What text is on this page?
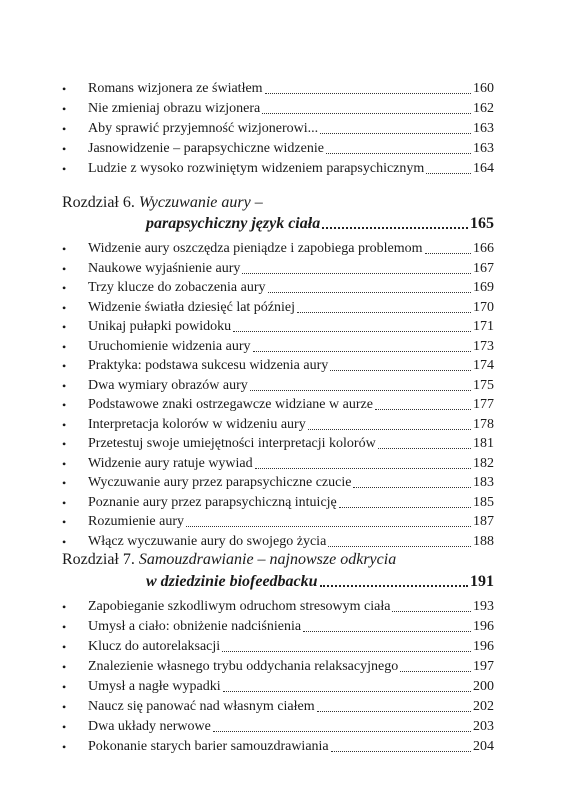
•	Romans wizjonera ze światłem	160
•	Nie zmieniaj obrazu wizjonera	162
•	Aby sprawić przyjemność wizjonerowi...	163
•	Jasnowidzenie – parapsychiczne widzenie	163
•	Ludzie z wysoko rozwiniętym widzeniem parapsychicznym	164
Rozdział 6. Wyczuwanie aury –
parapsychiczny język ciała	165
•	Widzenie aury oszczędza pieniądze i zapobiega problemom	166
•	Naukowe wyjaśnienie aury	167
•	Trzy klucze do zobaczenia aury	169
•	Widzenie światła dziesięć lat później	170
•	Unikaj pułapki powidoku	171
•	Uruchomienie widzenia aury	173
•	Praktyka: podstawa sukcesu widzenia aury	174
•	Dwa wymiary obrazów aury	175
•	Podstawowe znaki ostrzegawcze widziane w aurze	177
•	Interpretacja kolorów w widzeniu aury	178
•	Przetestuj swoje umiejętności interpretacji kolorów	181
•	Widzenie aury ratuje wywiad	182
•	Wyczuwanie aury przez parapsychiczne czucie	183
•	Poznanie aury przez parapsychiczną intuicję	185
•	Rozumienie aury	187
•	Włącz wyczuwanie aury do swojego życia	188
Rozdział 7. Samouzdrawianie – najnowsze odkrycia
w dziedzinie biofeedbacku	191
•	Zapobieganie szkodliwym odruchom stresowym ciała	193
•	Umysł a ciało: obniżenie nadciśnienia	196
•	Klucz do autorelaksacji	196
•	Znalezienie własnego trybu oddychania relaksacyjnego	197
•	Umysł a nagłe wypadki	200
•	Naucz się panować nad własnym ciałem	202
•	Dwa układy nerwowe	203
•	Pokonanie starych barier samouzdrawiania	204
